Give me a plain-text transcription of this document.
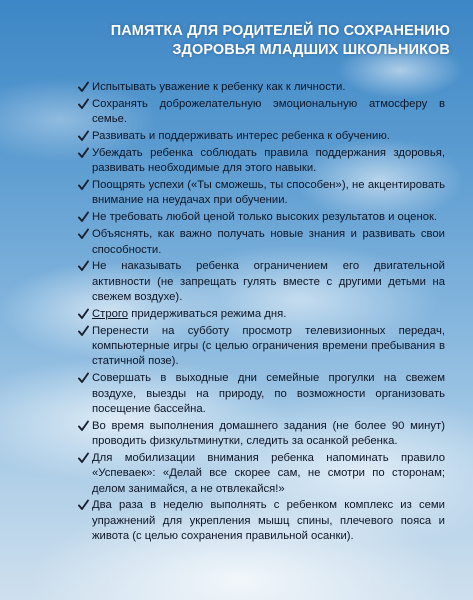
ПАМЯТКА ДЛЯ РОДИТЕЛЕЙ ПО СОХРАНЕНИЮ
ЗДОРОВЬЯ МЛАДШИХ ШКОЛЬНИКОВ
Испытывать уважение к ребенку как к личности.
Сохранять доброжелательную эмоциональную атмосферу в семье.
Развивать и поддерживать интерес ребенка к обучению.
Убеждать ребенка соблюдать правила поддержания здоровья, развивать необходимые для этого навыки.
Поощрять успехи («Ты сможешь, ты способен»), не акцентировать внимание на неудачах при обучении.
Не требовать любой ценой только высоких результатов и оценок.
Объяснять, как важно получать новые знания и развивать свои способности.
Не наказывать ребенка ограничением его двигательной активности (не запрещать гулять вместе с другими детьми на свежем воздухе).
Строго придерживаться режима дня.
Перенести на субботу просмотр телевизионных передач, компьютерные игры (с целью ограничения времени пребывания в статичной позе).
Совершать в выходные дни семейные прогулки на свежем воздухе, выезды на природу, по возможности организовать посещение бассейна.
Во время выполнения домашнего задания (не более 90 минут) проводить физкультминутки, следить за осанкой ребенка.
Для мобилизации внимания ребенка напоминать правило «Успеваек»: «Делай все скорее сам, не смотри по сторонам; делом занимайся, а не отвлекайся!»
Два раза в неделю выполнять с ребенком комплекс из семи упражнений для укрепления мышц спины, плечевого пояса и живота (с целью сохранения правильной осанки).
